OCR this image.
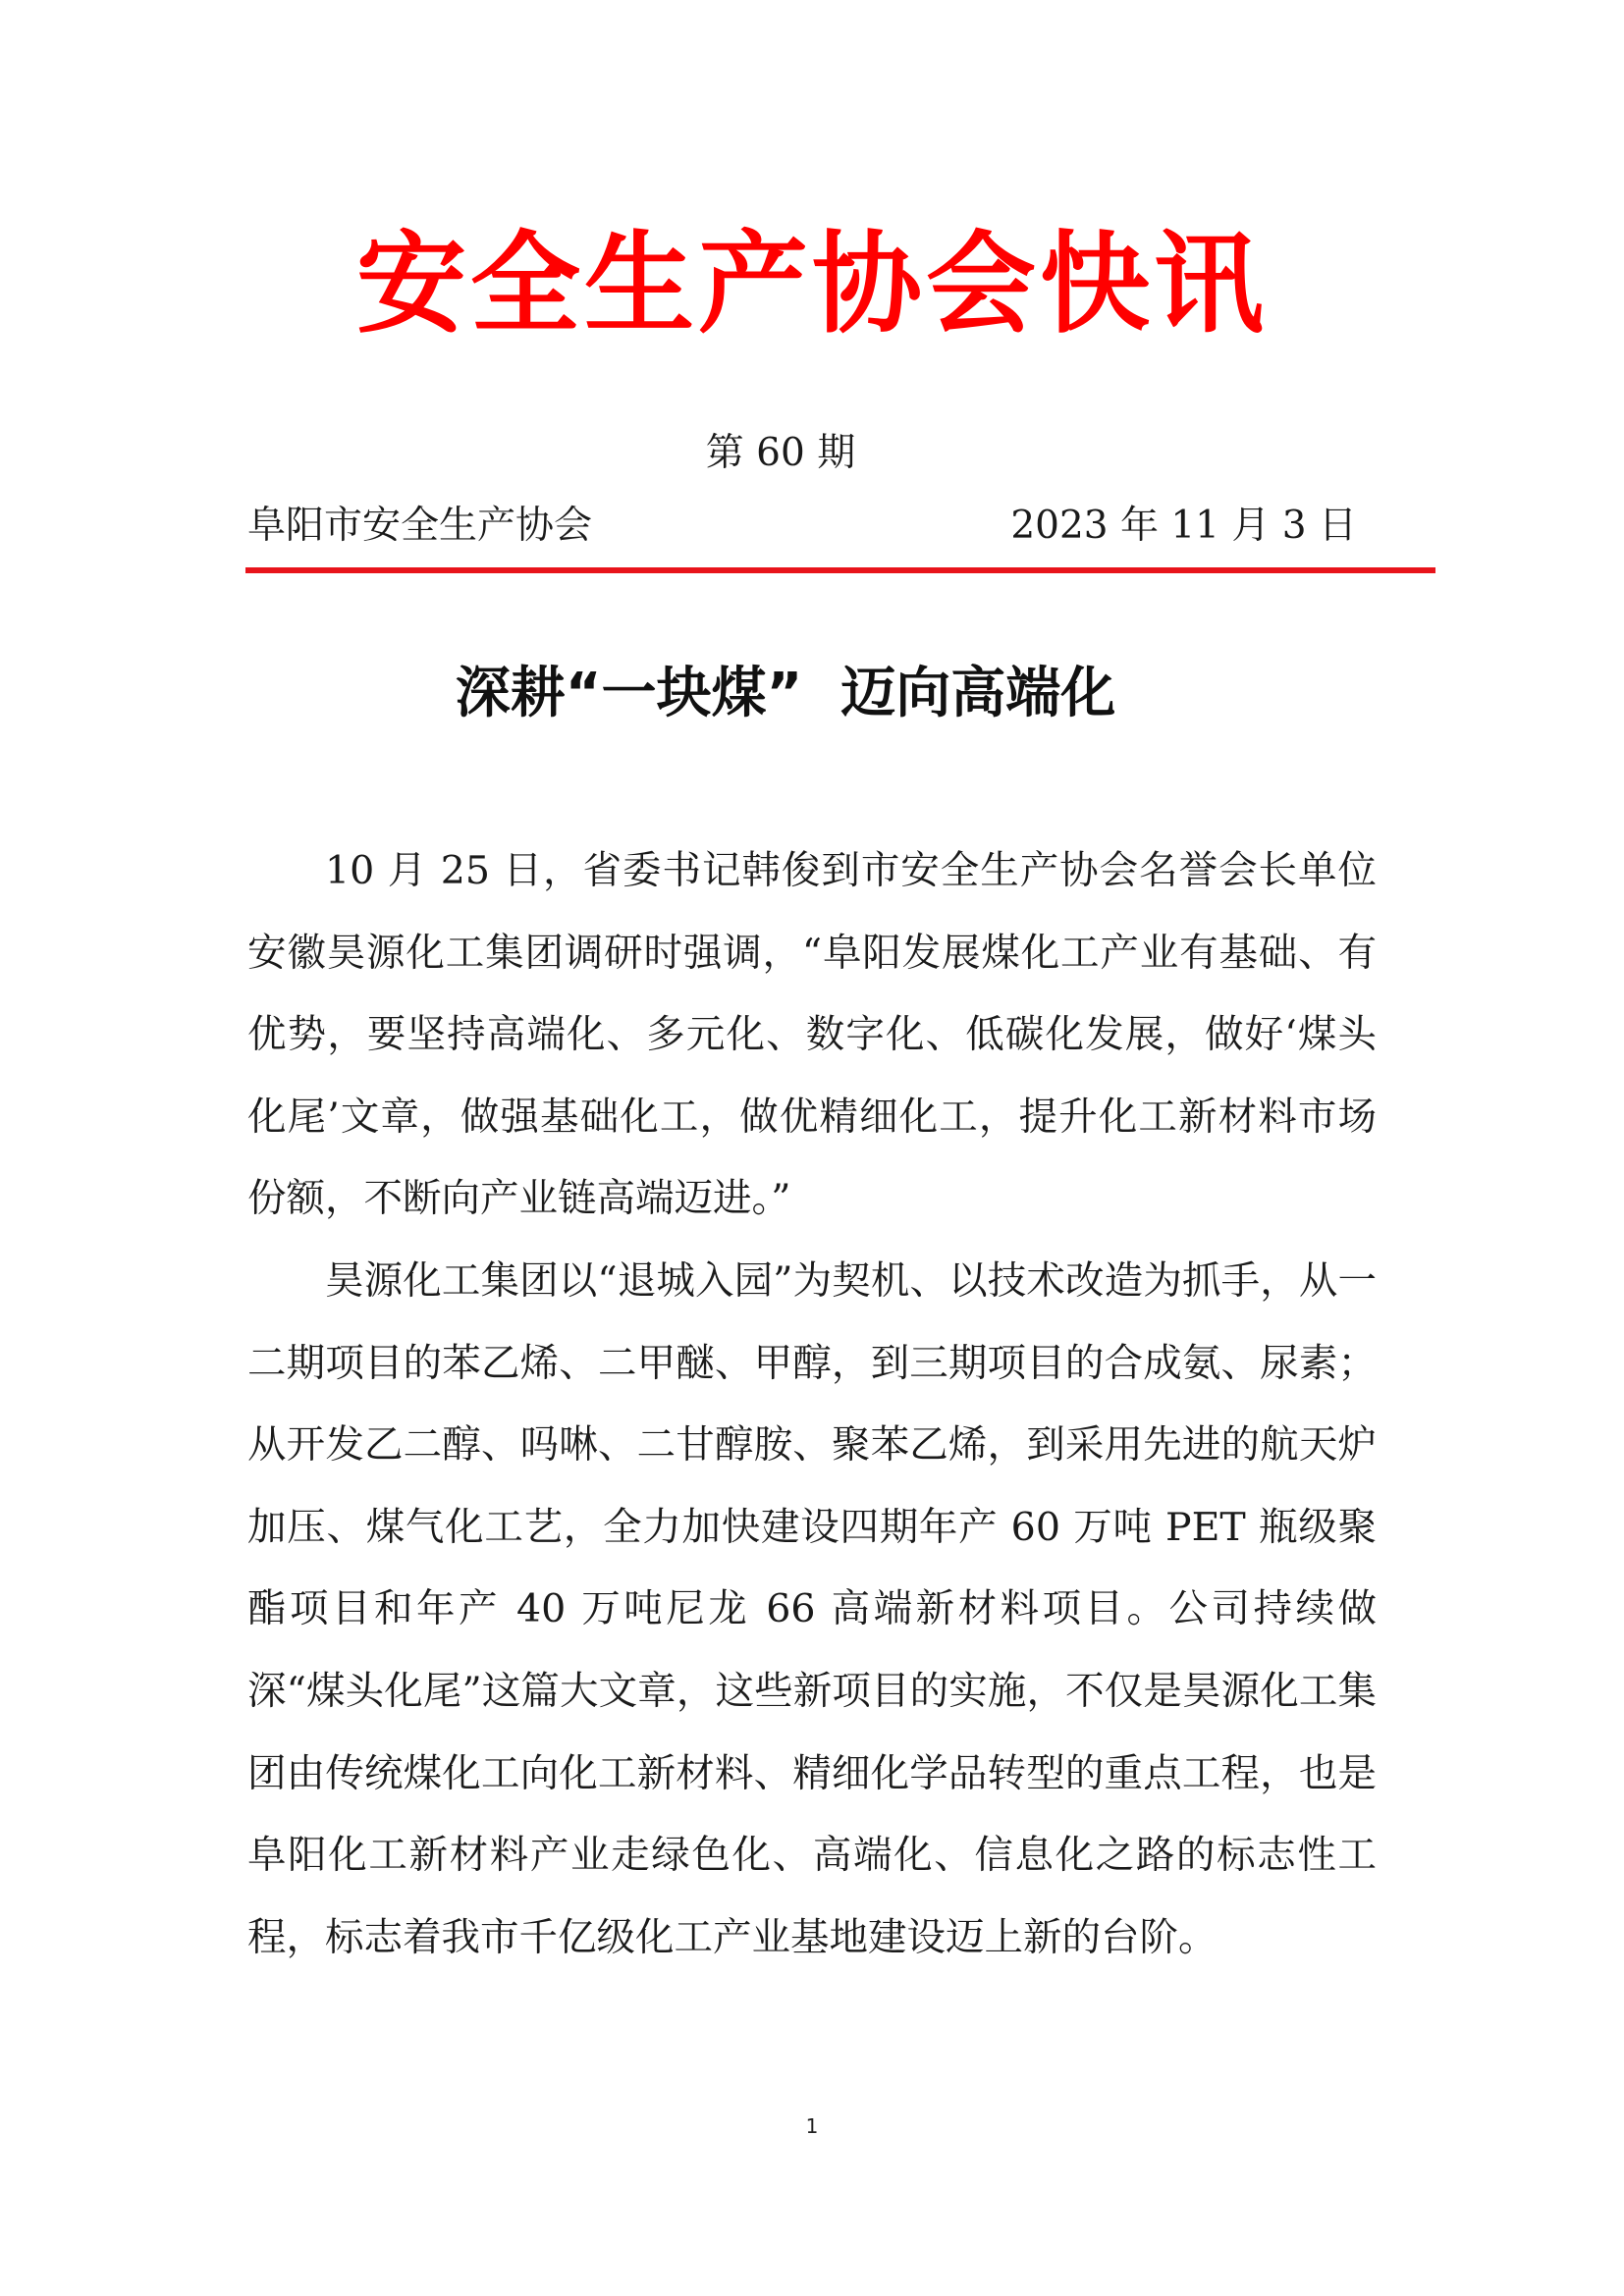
安全生产协会快讯
第 60 期
阜阳市安全生产协会	2023 年 11 月 3 日
深耕“一块煤”  迈向高端化

10 月 25 日，省委书记韩俊到市安全生产协会名誉会长单位安徽昊源化工集团调研时强调，“阜阳发展煤化工产业有基础、有优势，要坚持高端化、多元化、数字化、低碳化发展，做好‘煤头化尾’文章，做强基础化工，做优精细化工，提升化工新材料市场份额，不断向产业链高端迈进。”

昊源化工集团以“退城入园”为契机、以技术改造为抓手，从一二期项目的苯乙烯、二甲醚、甲醇，到三期项目的合成氨、尿素；从开发乙二醇、吗啉、二甘醇胺、聚苯乙烯，到采用先进的航天炉加压、煤气化工艺，全力加快建设四期年产 60 万吨 PET 瓶级聚酯项目和年产 40 万吨尼龙 66 高端新材料项目。公司持续做深“煤头化尾”这篇大文章，这些新项目的实施，不仅是昊源化工集团由传统煤化工向化工新材料、精细化学品转型的重点工程，也是阜阳化工新材料产业走绿色化、高端化、信息化之路的标志性工程，标志着我市千亿级化工产业基地建设迈上新的台阶。

1
